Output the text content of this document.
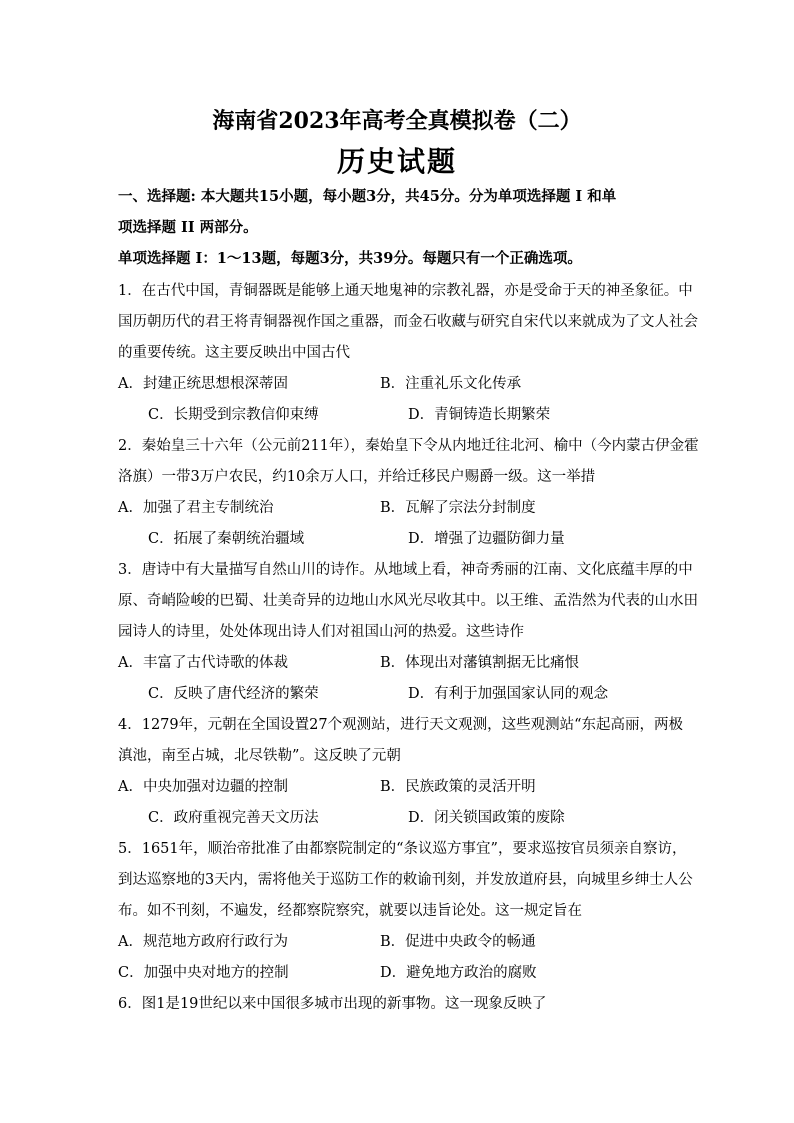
海南省2023年高考全真模拟卷（二）
历史试题
一、选择题: 本大题共15小题，每小题3分，共45分。分为单项选择题 I 和单
项选择题 II 两部分。
单项选择题 I：1～13题，每题3分，共39分。每题只有一个正确选项。
1．在古代中国，青铜器既是能够上通天地鬼神的宗教礼器，亦是受命于天的神圣象征。中
国历朝历代的君王将青铜器视作国之重器，而金石收藏与研究自宋代以来就成为了文人社会
的重要传统。这主要反映出中国古代
A．封建正统思想根深蒂固	B．注重礼乐文化传承
C．长期受到宗教信仰束缚	D．青铜铸造长期繁荣
2．秦始皇三十六年（公元前211年），秦始皇下令从内地迁往北河、榆中（今内蒙古伊金霍
洛旗）一带3万户农民，约10余万人口，并给迁移民户赐爵一级。这一举措
A．加强了君主专制统治	B．瓦解了宗法分封制度
C．拓展了秦朝统治疆域	D．增强了边疆防御力量
3．唐诗中有大量描写自然山川的诗作。从地域上看，神奇秀丽的江南、文化底蕴丰厚的中
原、奇峭险峻的巴蜀、壮美奇异的边地山水风光尽收其中。以王维、孟浩然为代表的山水田
园诗人的诗里，处处体现出诗人们对祖国山河的热爱。这些诗作
A．丰富了古代诗歌的体裁	B．体现出对藩镇割据无比痛恨
C．反映了唐代经济的繁荣	D．有利于加强国家认同的观念
4．1279年，元朝在全国设置27个观测站，进行天文观测，这些观测站“东起高丽，两极
滇池，南至占城，北尽铁勒”。这反映了元朝
A．中央加强对边疆的控制	B．民族政策的灵活开明
C．政府重视完善天文历法	D．闭关锁国政策的废除
5．1651年，顺治帝批准了由都察院制定的“条议巡方事宜”，要求巡按官员须亲自察访，
到达巡察地的3天内，需将他关于巡防工作的敕谕刊刻，并发放道府县，向城里乡绅士人公
布。如不刊刻，不遍发，经都察院察究，就要以违旨论处。这一规定旨在
A．规范地方政府行政行为	B．促进中央政令的畅通
C．加强中央对地方的控制	D．避免地方政治的腐败
6．图1是19世纪以来中国很多城市出现的新事物。这一现象反映了
